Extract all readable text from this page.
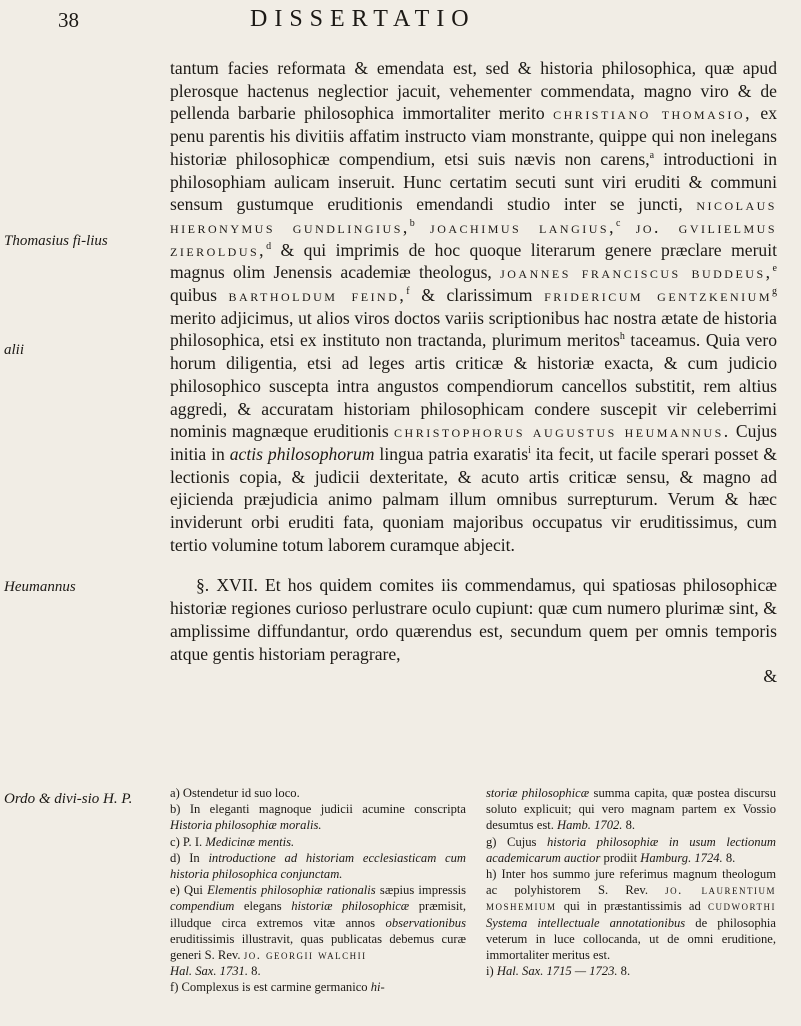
38	DISSERTATIO
Thomasius fi-lius
alii
Heumannus
Ordo & divi-sio H. P.

tantum facies reformata & emendata est, sed & historia philosophica, quæ apud plerosque hactenus neglectior jacuit, vehementer commendata, magno viro & de pellenda barbarie philosophica immortaliter merito christiano thomasio, ex penu parentis his divitiis affatim instructo viam monstrante, quippe qui non inelegans historiæ philosophicæ compendium, etsi suis nævis non carens,$^a$ introductioni in philosophiam aulicam inseruit. Hunc certatim secuti sunt viri eruditi & communi sensum gustumque eruditionis emendandi studio inter se juncti, nicolaus hieronymus gundlingius,$^b$ joachimus langius,$^c$ jo. gvilielmus zieroldus,$^d$ & qui imprimis de hoc quoque literarum genere præclare meruit magnus olim Jenensis academiæ theologus, joannes franciscus buddeus,$^e$ quibus bartholdum feind,$^f$ & clarissimum fridericum gentzkenium$^g$ merito adjicimus, ut alios viros doctos variis scriptionibus hac nostra ætate de historia philosophica, etsi ex instituto non tractanda, plurimum meritos$^h$ taceamus. Quia vero horum diligentia, etsi ad leges artis criticæ & historiæ exacta, & cum judicio philosophico suscepta intra angustos compendiorum cancellos substitit, rem altius aggredi, & accuratam historiam philosophicam condere suscepit vir celeberrimi nominis magnæque eruditionis christophorus augustus heumannus. Cujus initia in actis philosophorum lingua patria exaratis$^i$ ita fecit, ut facile sperari posset & lectionis copia, & judicii dexteritate, & acuto artis criticæ sensu, & magno ad ejicienda præjudicia animo palmam illum omnibus surrepturum. Verum & hæc inviderunt orbi eruditi fata, quoniam majoribus occupatus vir eruditissimus, cum tertio volumine totum laborem curamque abjecit.

§. XVII. Et hos quidem comites iis commendamus, qui spatiosas philosophicæ historiæ regiones curioso perlustrare oculo cupiunt: quæ cum numero plurimæ sint, & amplissime diffundantur, ordo quærendus est, secundum quem per omnis temporis atque gentis historiam peragrare,

&

a) Ostendetur id suo loco.

b) In eleganti magnoque judicii acumine conscripta Historia philosophiæ moralis.

c) P. I. Medicinæ mentis.

d) In introductione ad historiam ecclesiasticam cum historia philosophica conjunctam.

e) Qui Elementis philosophiæ rationalis sæpius impressis compendium elegans historiæ philosophicæ præmisit, illudque circa extremos vitæ annos observationibus eruditissimis illustravit, quas publicatas debemus curæ generi S. Rev. jo. georgii walchii
Hal. Sax. 1731. 8.

f) Complexus is est carmine germanico hi-

storiæ philosophicæ summa capita, quæ postea discursu soluto explicuit; qui vero magnam partem ex Vossio desumtus est. Hamb. 1702. 8.

g) Cujus historia philosophiæ in usum lectionum academicarum auctior prodiit Hamburg. 1724. 8.

h) Inter hos summo jure referimus magnum theologum ac polyhistorem S. Rev. jo. laurentium moshemium qui in præstantissimis ad cudworthi Systema intellectuale annotationibus de philosophia veterum in luce collocanda, ut de omni eruditione, immortaliter meritus est.

i) Hal. Sax. 1715 — 1723. 8.
